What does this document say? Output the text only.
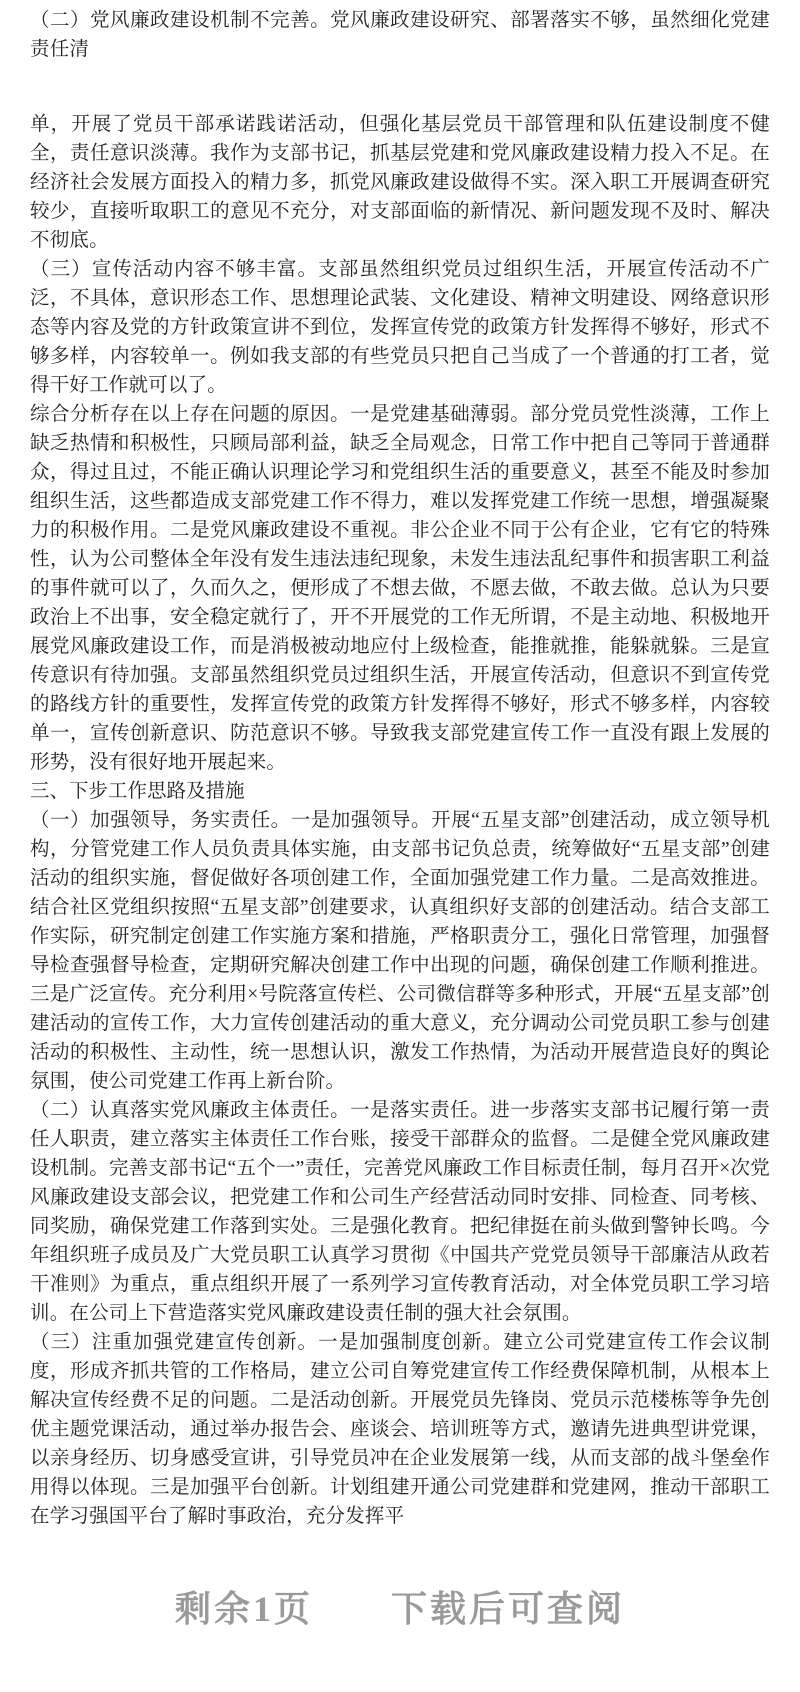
（二）党风廉政建设机制不完善。党风廉政建设研究、部署落实不够，虽然细化党建责任清

单，开展了党员干部承诺践诺活动，但强化基层党员干部管理和队伍建设制度不健全，责任意识淡薄。我作为支部书记，抓基层党建和党风廉政建设精力投入不足。在经济社会发展方面投入的精力多，抓党风廉政建设做得不实。深入职工开展调查研究较少，直接听取职工的意见不充分，对支部面临的新情况、新问题发现不及时、解决不彻底。

（三）宣传活动内容不够丰富。支部虽然组织党员过组织生活，开展宣传活动不广泛，不具体，意识形态工作、思想理论武装、文化建设、精神文明建设、网络意识形态等内容及党的方针政策宣讲不到位，发挥宣传党的政策方针发挥得不够好，形式不够多样，内容较单一。例如我支部的有些党员只把自己当成了一个普通的打工者，觉得干好工作就可以了。

综合分析存在以上存在问题的原因。一是党建基础薄弱。部分党员党性淡薄，工作上缺乏热情和积极性，只顾局部利益，缺乏全局观念，日常工作中把自己等同于普通群众，得过且过，不能正确认识理论学习和党组织生活的重要意义，甚至不能及时参加组织生活，这些都造成支部党建工作不得力，难以发挥党建工作统一思想，增强凝聚力的积极作用。二是党风廉政建设不重视。非公企业不同于公有企业，它有它的特殊性，认为公司整体全年没有发生违法违纪现象，未发生违法乱纪事件和损害职工利益的事件就可以了，久而久之，便形成了不想去做，不愿去做，不敢去做。总认为只要政治上不出事，安全稳定就行了，开不开展党的工作无所谓，不是主动地、积极地开展党风廉政建设工作，而是消极被动地应付上级检查，能推就推，能躲就躲。三是宣传意识有待加强。支部虽然组织党员过组织生活，开展宣传活动，但意识不到宣传党的路线方针的重要性，发挥宣传党的政策方针发挥得不够好，形式不够多样，内容较单一，宣传创新意识、防范意识不够。导致我支部党建宣传工作一直没有跟上发展的形势，没有很好地开展起来。

三、下步工作思路及措施

（一）加强领导，务实责任。一是加强领导。开展“五星支部”创建活动，成立领导机构，分管党建工作人员负责具体实施，由支部书记负总责，统筹做好“五星支部”创建活动的组织实施，督促做好各项创建工作，全面加强党建工作力量。二是高效推进。结合社区党组织按照“五星支部”创建要求，认真组织好支部的创建活动。结合支部工作实际，研究制定创建工作实施方案和措施，严格职责分工，强化日常管理，加强督导检查强督导检查，定期研究解决创建工作中出现的问题，确保创建工作顺利推进。三是广泛宣传。充分利用×号院落宣传栏、公司微信群等多种形式，开展“五星支部”创建活动的宣传工作，大力宣传创建活动的重大意义，充分调动公司党员职工参与创建活动的积极性、主动性，统一思想认识，激发工作热情，为活动开展营造良好的舆论氛围，使公司党建工作再上新台阶。

（二）认真落实党风廉政主体责任。一是落实责任。进一步落实支部书记履行第一责任人职责，建立落实主体责任工作台账，接受干部群众的监督。二是健全党风廉政建设机制。完善支部书记“五个一”责任，完善党风廉政工作目标责任制，每月召开×次党风廉政建设支部会议，把党建工作和公司生产经营活动同时安排、同检查、同考核、同奖励，确保党建工作落到实处。三是强化教育。把纪律挺在前头做到警钟长鸣。今年组织班子成员及广大党员职工认真学习贯彻《中国共产党党员领导干部廉洁从政若干准则》为重点，重点组织开展了一系列学习宣传教育活动，对全体党员职工学习培训。在公司上下营造落实党风廉政建设责任制的强大社会氛围。

（三）注重加强党建宣传创新。一是加强制度创新。建立公司党建宣传工作会议制度，形成齐抓共管的工作格局，建立公司自筹党建宣传工作经费保障机制，从根本上解决宣传经费不足的问题。二是活动创新。开展党员先锋岗、党员示范楼栋等争先创优主题党课活动，通过举办报告会、座谈会、培训班等方式，邀请先进典型讲党课，以亲身经历、切身感受宣讲，引导党员冲在企业发展第一线，从而支部的战斗堡垒作用得以体现。三是加强平台创新。计划组建开通公司党建群和党建网，推动干部职工在学习强国平台了解时事政治，充分发挥平

剩余1页　　下载后可查阅
